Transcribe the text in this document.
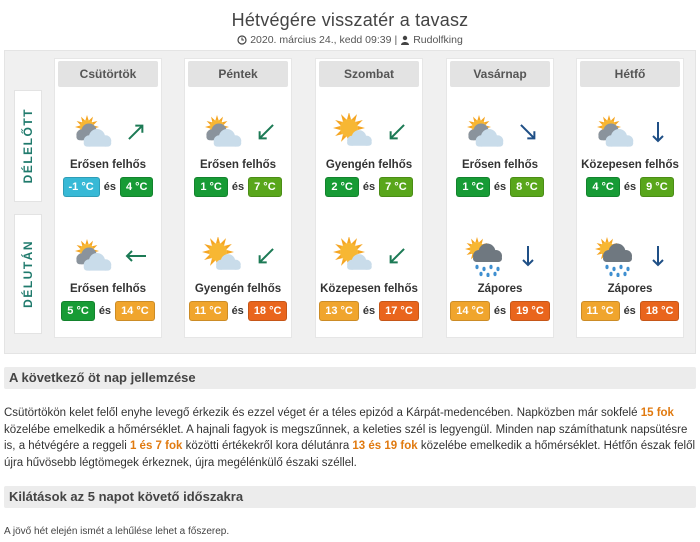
Hétvégére visszatér a tavasz
2020. március 24., kedd 09:39 | Rudolfking
DÉLELŐTT
DÉLUTÁN
Csütörtök
Erősen felhős
-1 °C és 4 °C
Erősen felhős
5 °C és 14 °C
Péntek
Erősen felhős
1 °C és 7 °C
Gyengén felhős
11 °C és 18 °C
Szombat
Gyengén felhős
2 °C és 7 °C
Közepesen felhős
13 °C és 17 °C
Vasárnap
Erősen felhős
1 °C és 8 °C
Zápores
14 °C és 19 °C
Hétfő
Közepesen felhős
4 °C és 9 °C
Zápores
11 °C és 18 °C
A következő öt nap jellemzése
Csütörtökön kelet felől enyhe levegő érkezik és ezzel véget ér a téles epizód a Kárpát-medencében. Napközben már sokfelé 15 fok közelébe emelkedik a hőmérséklet. A hajnali fagyok is megszűnnek, a keleties szél is legyengül. Minden nap számíthatunk napsütésre is, a hétvégére a reggeli 1 és 7 fok közötti értékekről kora délutánra 13 és 19 fok közelébe emelkedik a hőmérséklet. Hétfőn észak felől újra hűvösebb légtömegek érkeznek, újra megélénkülő északi széllel.
Kilátások az 5 napot követő időszakra
A jövő hét elején ismét a lehűlése lehet a főszerep.
